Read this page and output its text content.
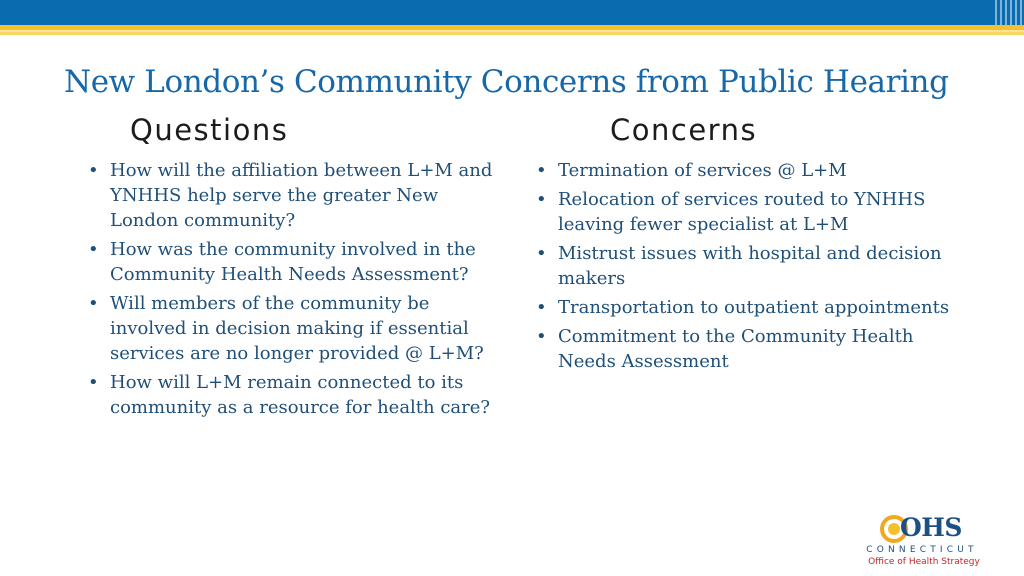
New London’s Community Concerns from Public Hearing
Questions	Concerns
• How will the affiliation between L+M and YNHHS help serve the greater New London community?
• How was the community involved in the Community Health Needs Assessment?
• Will members of the community be involved in decision making if essential services are no longer provided @ L+M?
• How will L+M remain connected to its community as a resource for health care?
• Termination of services @ L+M
• Relocation of services routed to YNHHS leaving fewer specialist at L+M
• Mistrust issues with hospital and decision makers
• Transportation to outpatient appointments
• Commitment to the Community Health Needs Assessment
OHS
CONNECTICUT
Office of Health Strategy
